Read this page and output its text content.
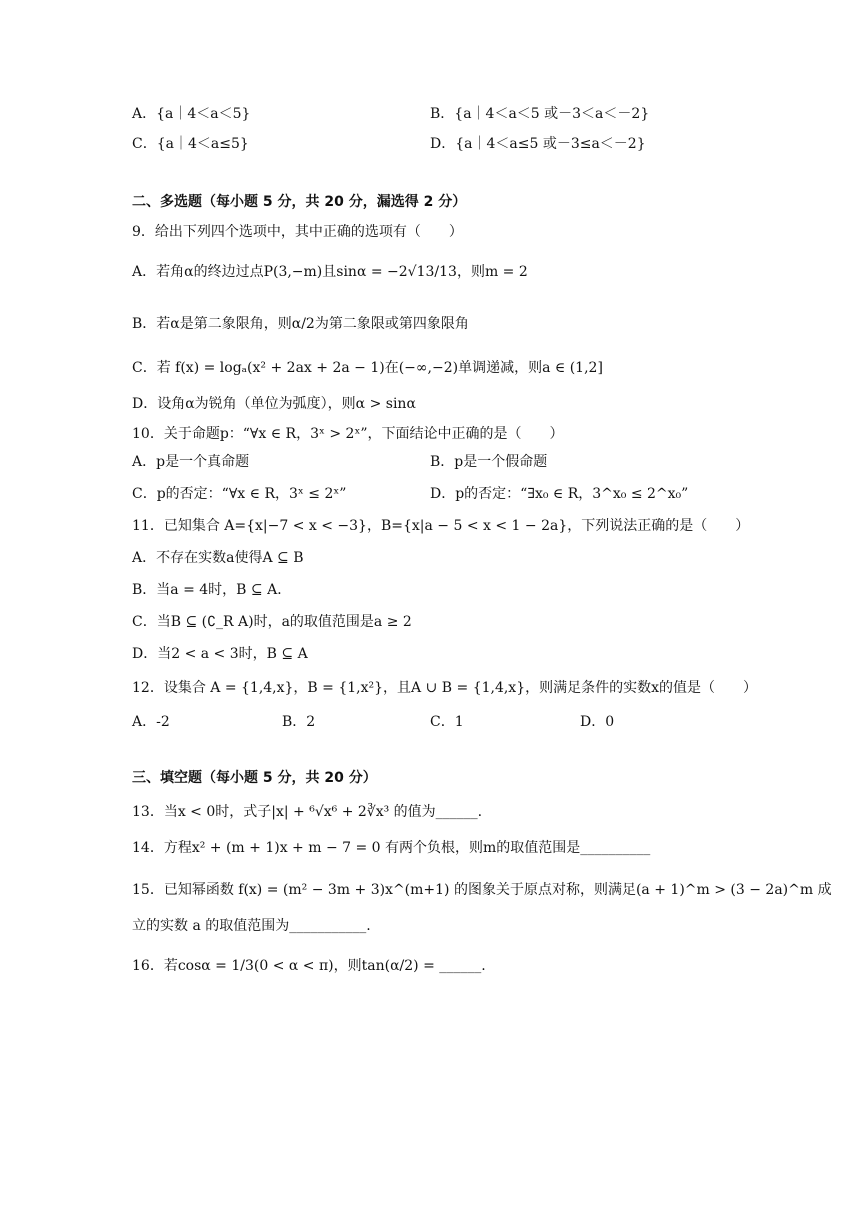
A．{a｜4＜a＜5}	B．{a｜4＜a＜5 或－3＜a＜－2}
C．{a｜4＜a≤5}	D．{a｜4＜a≤5 或－3≤a＜－2}
二、多选题（每小题 5 分，共 20 分，漏选得 2 分）
9．给出下列四个选项中，其中正确的选项有（　　）
A．若角α的终边过点P(3,−m)且sinα = −2√13/13，则m = 2
B．若α是第二象限角，则α/2为第二象限或第四象限角
C．若 f(x) = logₐ(x² + 2ax + 2a − 1)在(−∞,−2)单调递减，则a ∈ (1,2]
D．设角α为锐角（单位为弧度），则α > sinα
10．关于命题p：“∀x ∈ R，3ˣ > 2ˣ”，下面结论中正确的是（　　）
A．p是一个真命题	B．p是一个假命题
C．p的否定：“∀x ∈ R，3ˣ ≤ 2ˣ”	D．p的否定：“∃x₀ ∈ R，3^x₀ ≤ 2^x₀”
11．已知集合 A={x|−7 < x < −3}，B={x|a − 5 < x < 1 − 2a}，下列说法正确的是（　　）
A．不存在实数a使得A ⊆ B
B．当a = 4时，B ⊆ A．
C．当B ⊆ (∁_R A)时，a的取值范围是a ≥ 2
D．当2 < a < 3时，B ⊆ A
12．设集合 A = {1,4,x}，B = {1,x²}，且A ∪ B = {1,4,x}，则满足条件的实数x的值是（　　）
A．-2	B．2	C．1	D．0
三、填空题（每小题 5 分，共 20 分）
13．当x < 0时，式子|x| + ⁶√x⁶ + 2∛x³ 的值为______.
14．方程x² + (m + 1)x + m − 7 = 0 有两个负根，则m的取值范围是__________
15．已知幂函数 f(x) = (m² − 3m + 3)x^(m+1) 的图象关于原点对称，则满足(a + 1)^m > (3 − 2a)^m 成
立的实数 a 的取值范围为___________.
16．若cosα = 1/3(0 < α < π)，则tan(α/2) = ______.
